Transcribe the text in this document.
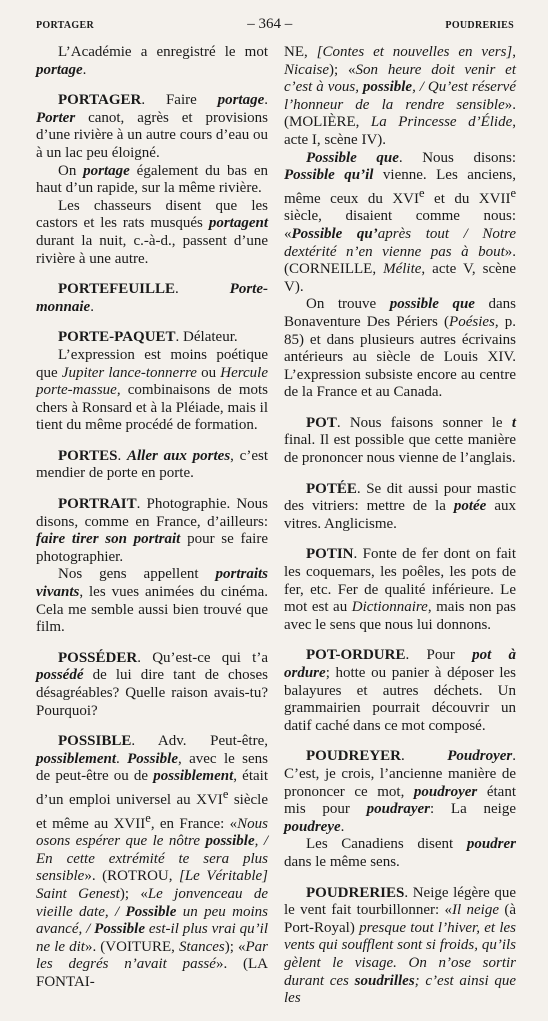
PORTAGER	– 364 –	POUDRERIES

L’Académie a enregistré le mot portage.

PORTAGER. Faire portage. Porter canot, agrès et provisions d’une rivière à un autre cours d’eau ou à un lac peu éloigné.

On portage également du bas en haut d’un rapide, sur la même rivière.

Les chasseurs disent que les castors et les rats musqués portagent durant la nuit, c.-à-d., passent d’une rivière à une autre.

PORTEFEUILLE. Porte-monnaie.

PORTE-PAQUET. Délateur.

L’expression est moins poétique que Jupiter lance-tonnerre ou Hercule porte-massue, combinaisons de mots chers à Ronsard et à la Pléiade, mais il tient du même procédé de formation.

PORTES. Aller aux portes, c’est mendier de porte en porte.

PORTRAIT. Photographie. Nous disons, comme en France, d’ailleurs: faire tirer son portrait pour se faire photographier.

Nos gens appellent portraits vivants, les vues animées du cinéma. Cela me semble aussi bien trouvé que film.

POSSÉDER. Qu’est-ce qui t’a possédé de lui dire tant de choses désagréables? Quelle raison avais-tu? Pourquoi?

POSSIBLE. Adv. Peut-être, possiblement. Possible, avec le sens de peut-être ou de possiblement, était d’un emploi universel au XVIe siècle et même au XVIIe, en France: «Nous osons espérer que le nôtre possible, / En cette extrémité te sera plus sensible». (ROTROU, [Le Véritable] Saint Genest); «Le jonvenceau de vieille date, / Possible un peu moins avancé, / Possible est-il plus vrai qu’il ne le dit». (VOITURE, Stances); «Par les degrés n’avait passé». (LA FONTAI-

NE, [Contes et nouvelles en vers], Nicaise); «Son heure doit venir et c’est à vous, possible, / Qu’est réservé l’honneur de la rendre sensible». (MOLIÈRE, La Princesse d’Élide, acte I, scène IV).

Possible que. Nous disons: Possible qu’il vienne. Les anciens, même ceux du XVIe et du XVIIe siècle, disaient comme nous: «Possible qu’après tout / Notre dextérité n’en vienne pas à bout». (CORNEILLE, Mélite, acte V, scène V).

On trouve possible que dans Bonaventure Des Périers (Poésies, p. 85) et dans plusieurs autres écrivains antérieurs au siècle de Louis XIV. L’expression subsiste encore au centre de la France et au Canada.

POT. Nous faisons sonner le t final. Il est possible que cette manière de prononcer nous vienne de l’anglais.

POTÉE. Se dit aussi pour mastic des vitriers: mettre de la potée aux vitres. Anglicisme.

POTIN. Fonte de fer dont on fait les coquemars, les poêles, les pots de fer, etc. Fer de qualité inférieure. Le mot est au Dictionnaire, mais non pas avec le sens que nous lui donnons.

POT-ORDURE. Pour pot à ordure; hotte ou panier à déposer les balayures et autres déchets. Un grammairien pourrait découvrir un datif caché dans ce mot composé.

POUDREYER. Poudroyer. C’est, je crois, l’ancienne manière de prononcer ce mot, poudroyer étant mis pour poudrayer: La neige poudreye.

Les Canadiens disent poudrer dans le même sens.

POUDRERIES. Neige légère que le vent fait tourbillonner: «Il neige (à Port-Royal) presque tout l’hiver, et les vents qui soufflent sont si froids, qu’ils gèlent le visage. On n’ose sortir durant ces soudrilles; c’est ainsi que les
